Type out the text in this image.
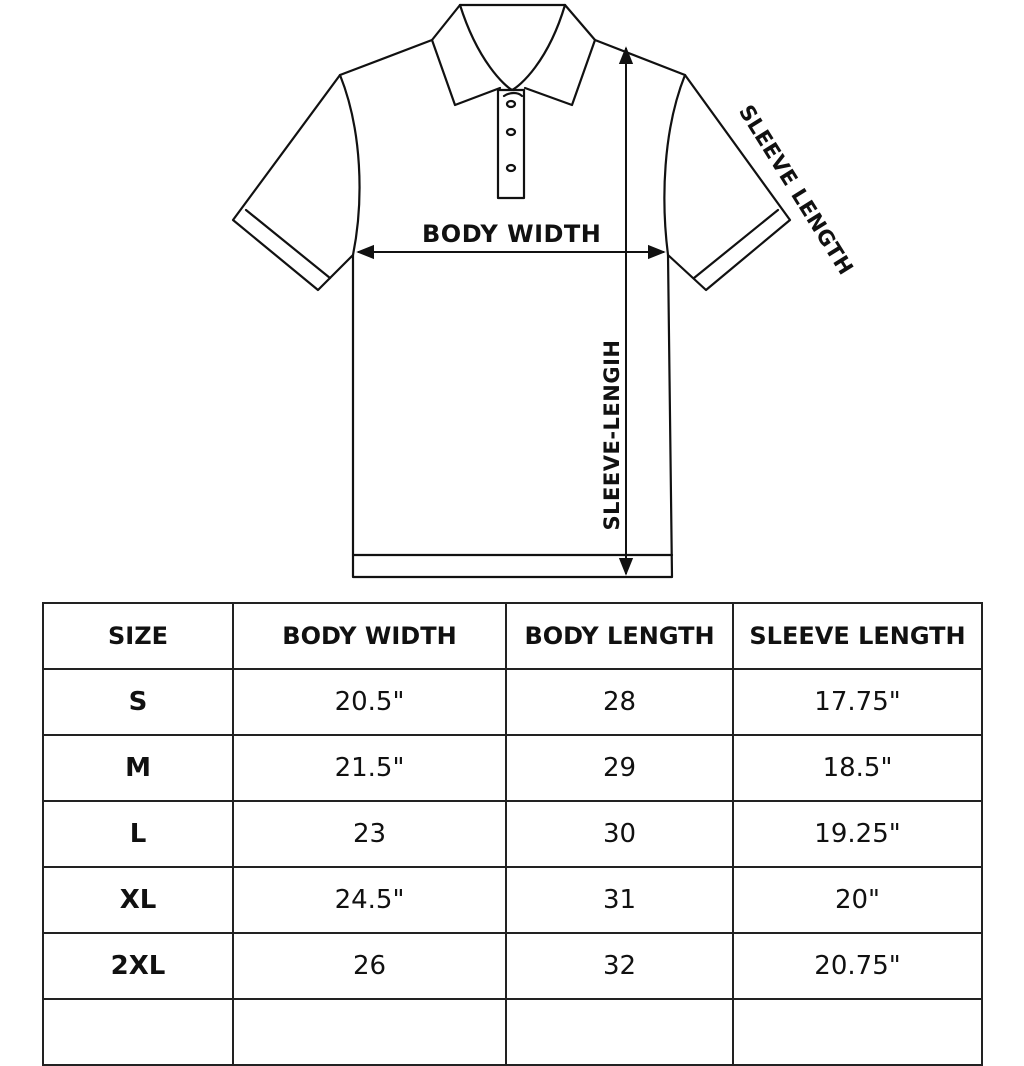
BODY WIDTH
SLEEVE-LENGIH
SLEEVE LENGTH
SIZE	BODY WIDTH	BODY LENGTH	SLEEVE LENGTH
S	20.5"	28	17.75"
M	21.5"	29	18.5"
L	23	30	19.25"
XL	24.5"	31	20"
2XL	26	32	20.75"
